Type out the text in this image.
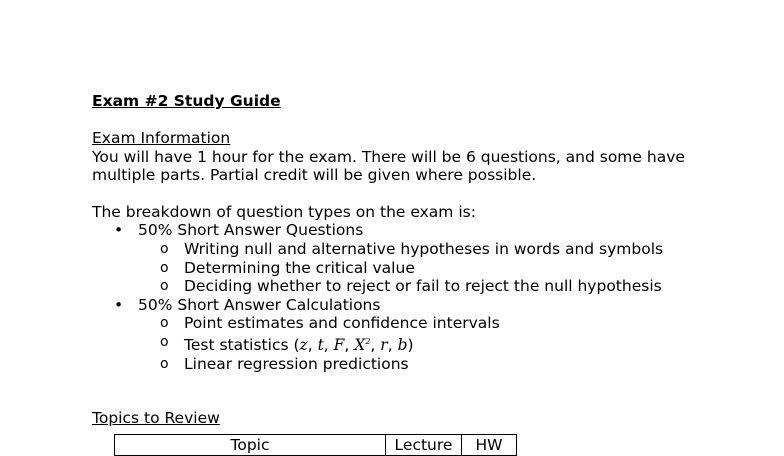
Exam #2 Study Guide

Exam Information

You will have 1 hour for the exam. There will be 6 questions, and some have multiple parts. Partial credit will be given where possible.

The breakdown of question types on the exam is:

• 50% Short Answer Questions
o Writing null and alternative hypotheses in words and symbols
o Determining the critical value
o Deciding whether to reject or fail to reject the null hypothesis
• 50% Short Answer Calculations
o Point estimates and confidence intervals
o Test statistics (z, t, F, $X^2$, r, b)
o Linear regression predictions

Topics to Review

Topic	Lecture	HW
